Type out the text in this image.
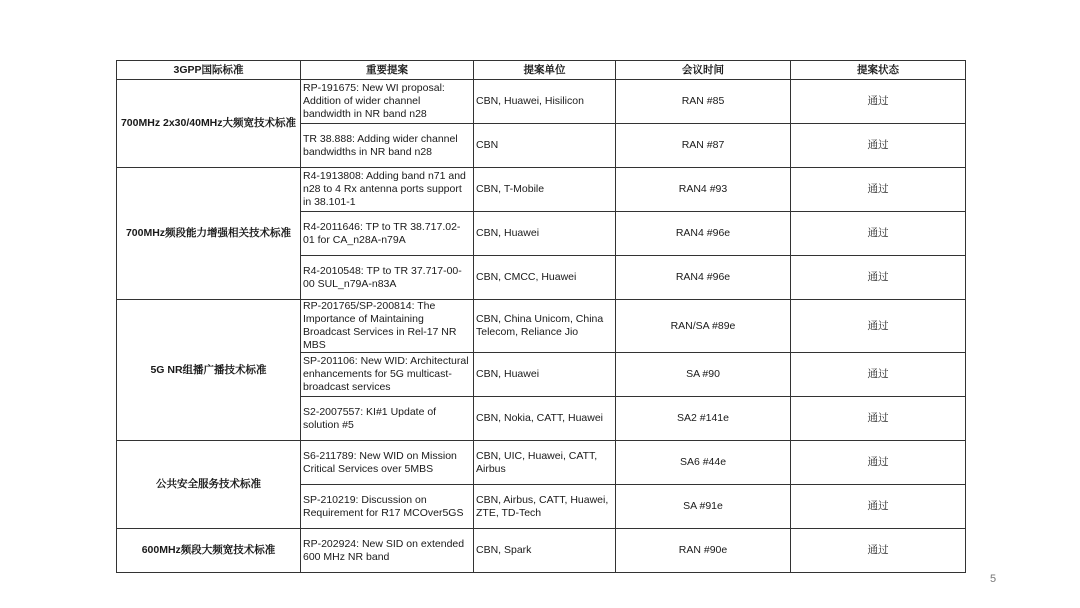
3GPP国际标准	重要提案	提案单位	会议时间	提案状态
700MHz 2x30/40MHz大频宽技术标准	RP-191675: New WI proposal: Addition of wider channel bandwidth in NR band n28	CBN, Huawei, Hisilicon	RAN #85	通过
	TR 38.888: Adding wider channel bandwidths in NR band n28	CBN	RAN #87	通过
700MHz频段能力增强相关技术标准	R4-1913808: Adding band n71 and n28 to 4 Rx antenna ports support in 38.101-1	CBN, T-Mobile	RAN4 #93	通过
	R4-2011646: TP to TR 38.717.02-01 for CA_n28A-n79A	CBN, Huawei	RAN4 #96e	通过
	R4-2010548: TP to TR 37.717-00-00 SUL_n79A-n83A	CBN, CMCC, Huawei	RAN4 #96e	通过
5G NR组播广播技术标准	RP-201765/SP-200814: The Importance of Maintaining Broadcast Services in Rel-17 NR MBS	CBN, China Unicom, China Telecom, Reliance Jio	RAN/SA #89e	通过
	SP-201106: New WID: Architectural enhancements for 5G multicast-broadcast services	CBN, Huawei	SA #90	通过
	S2-2007557: KI#1 Update of solution #5	CBN, Nokia, CATT, Huawei	SA2 #141e	通过
公共安全服务技术标准	S6-211789: New WID on Mission Critical Services over 5MBS	CBN, UIC, Huawei, CATT, Airbus	SA6 #44e	通过
	SP-210219: Discussion on Requirement for R17 MCOver5GS	CBN, Airbus, CATT, Huawei, ZTE, TD-Tech	SA #91e	通过
600MHz频段大频宽技术标准	RP-202924: New SID on extended 600 MHz NR band	CBN, Spark	RAN #90e	通过
5
